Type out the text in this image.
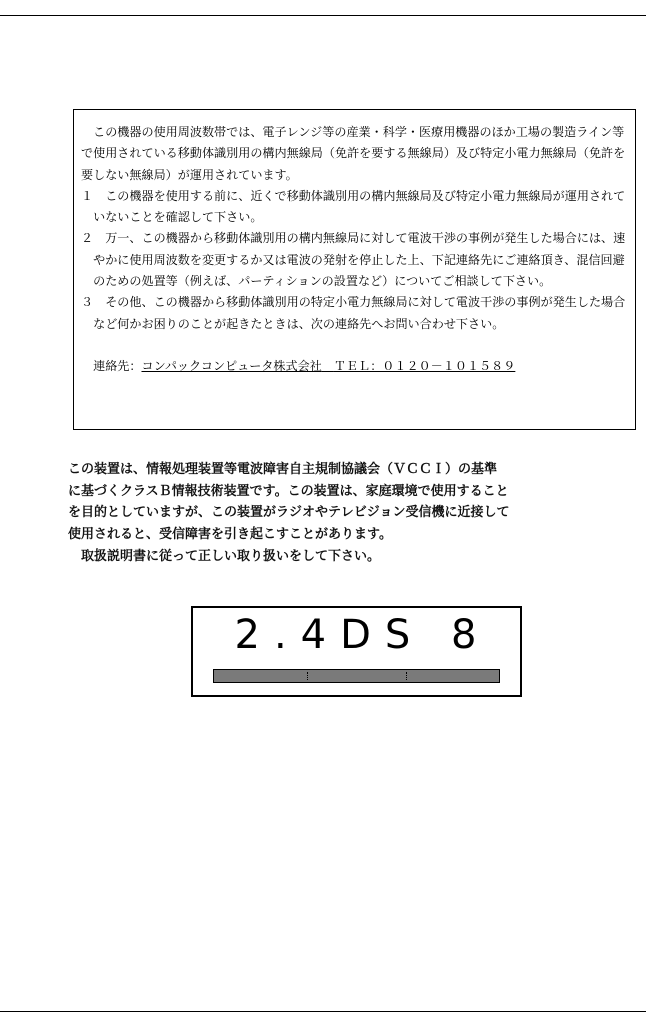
この機器の使用周波数帯では、電子レンジ等の産業・科学・医療用機器のほか工場の製造ライン等で使用されている移動体識別用の構内無線局（免許を要する無線局）及び特定小電力無線局（免許を要しない無線局）が運用されています。

１　この機器を使用する前に、近くで移動体識別用の構内無線局及び特定小電力無線局が運用されていないことを確認して下さい。

２　万一、この機器から移動体識別用の構内無線局に対して電波干渉の事例が発生した場合には、速やかに使用周波数を変更するか又は電波の発射を停止した上、下記連絡先にご連絡頂き、混信回避のための処置等（例えば、パーティションの設置など）についてご相談して下さい。

３　その他、この機器から移動体識別用の特定小電力無線局に対して電波干渉の事例が発生した場合など何かお困りのことが起きたときは、次の連絡先へお問い合わせ下さい。

連絡先：コンパックコンピュータ株式会社　 ＴＥＬ：０１２０－１０１５８９

この装置は、情報処理装置等電波障害自主規制協議会（ＶＣＣＩ）の基準

に基づくクラスＢ情報技術装置です。この装置は、家庭環境で使用すること

を目的としていますが、この装置がラジオやテレビジョン受信機に近接して

使用されると、受信障害を引き起こすことがあります。

取扱説明書に従って正しい取り扱いをして下さい。

2.4DS 8
